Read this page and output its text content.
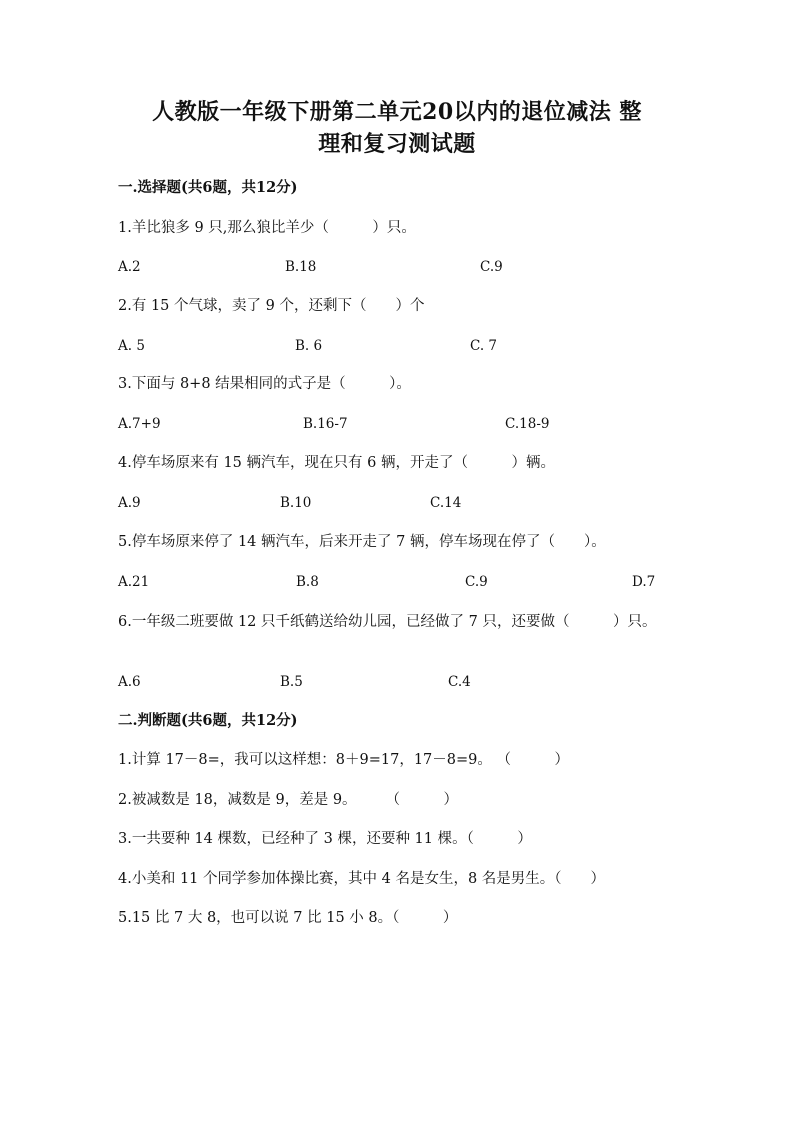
人教版一年级下册第二单元20以内的退位减法 整
理和复习测试题
一.选择题(共6题，共12分)
1.羊比狼多 9 只,那么狼比羊少（　　　）只。
A.2	B.18	C.9
2.有 15 个气球，卖了 9 个，还剩下（　　）个
A. 5	B. 6	C. 7
3.下面与 8+8 结果相同的式子是（　　　）。
A.7+9	B.16-7	C.18-9
4.停车场原来有 15 辆汽车，现在只有 6 辆，开走了（　　　）辆。
A.9	B.10	C.14
5.停车场原来停了 14 辆汽车，后来开走了 7 辆，停车场现在停了（　　）。
A.21	B.8	C.9	D.7
6.一年级二班要做 12 只千纸鹤送给幼儿园，已经做了 7 只，还要做（　　　）只。
A.6	B.5	C.4
二.判断题(共6题，共12分)
1.计算 17－8=，我可以这样想：8＋9=17，17－8=9。 （　　　）
2.被减数是 18，减数是 9，差是 9。　　　（　　　）
3.一共要种 14 棵数，已经种了 3 棵，还要种 11 棵。（　　　）
4.小美和 11 个同学参加体操比赛，其中 4 名是女生，8 名是男生。（　　）
5.15 比 7 大 8，也可以说 7 比 15 小 8。（　　　）
